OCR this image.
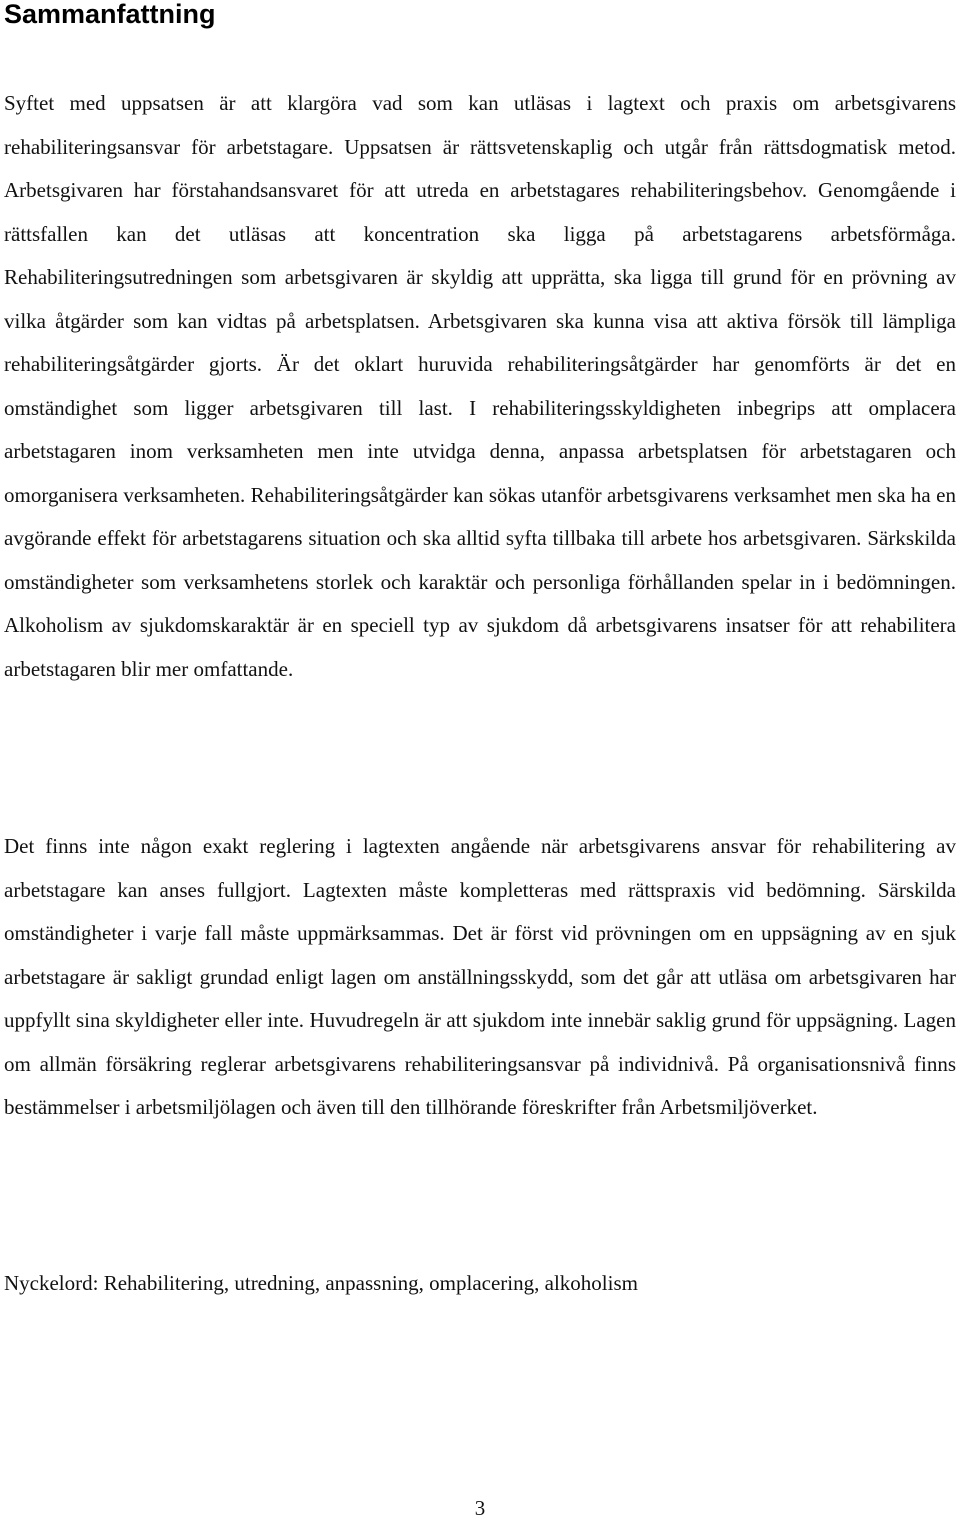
Sammanfattning

Syftet med uppsatsen är att klargöra vad som kan utläsas i lagtext och praxis om arbetsgivarens rehabiliteringsansvar för arbetstagare. Uppsatsen är rättsvetenskaplig och utgår från rättsdogmatisk metod. Arbetsgivaren har förstahandsansvaret för att utreda en arbetstagares rehabiliteringsbehov. Genomgående i rättsfallen kan det utläsas att koncentration ska ligga på arbetstagarens arbetsförmåga. Rehabiliteringsutredningen som arbetsgivaren är skyldig att upprätta, ska ligga till grund för en prövning av vilka åtgärder som kan vidtas på arbetsplatsen. Arbetsgivaren ska kunna visa att aktiva försök till lämpliga rehabiliteringsåtgärder gjorts. Är det oklart huruvida rehabiliteringsåtgärder har genomförts är det en omständighet som ligger arbetsgivaren till last. I rehabiliteringsskyldigheten inbegrips att omplacera arbetstagaren inom verksamheten men inte utvidga denna, anpassa arbetsplatsen för arbetstagaren och omorganisera verksamheten. Rehabiliteringsåtgärder kan sökas utanför arbetsgivarens verksamhet men ska ha en avgörande effekt för arbetstagarens situation och ska alltid syfta tillbaka till arbete hos arbetsgivaren. Särkskilda omständigheter som verksamhetens storlek och karaktär och personliga förhållanden spelar in i bedömningen. Alkoholism av sjukdomskaraktär är en speciell typ av sjukdom då arbetsgivarens insatser för att rehabilitera arbetstagaren blir mer omfattande.

Det finns inte någon exakt reglering i lagtexten angående när arbetsgivarens ansvar för rehabilitering av arbetstagare kan anses fullgjort. Lagtexten måste kompletteras med rättspraxis vid bedömning. Särskilda omständigheter i varje fall måste uppmärksammas. Det är först vid prövningen om en uppsägning av en sjuk arbetstagare är sakligt grundad enligt lagen om anställningsskydd, som det går att utläsa om arbetsgivaren har uppfyllt sina skyldigheter eller inte. Huvudregeln är att sjukdom inte innebär saklig grund för uppsägning. Lagen om allmän försäkring reglerar arbetsgivarens rehabiliteringsansvar på individnivå. På organisationsnivå finns bestämmelser i arbetsmiljölagen och även till den tillhörande föreskrifter från Arbetsmiljöverket.

Nyckelord: Rehabilitering, utredning, anpassning, omplacering, alkoholism

3
